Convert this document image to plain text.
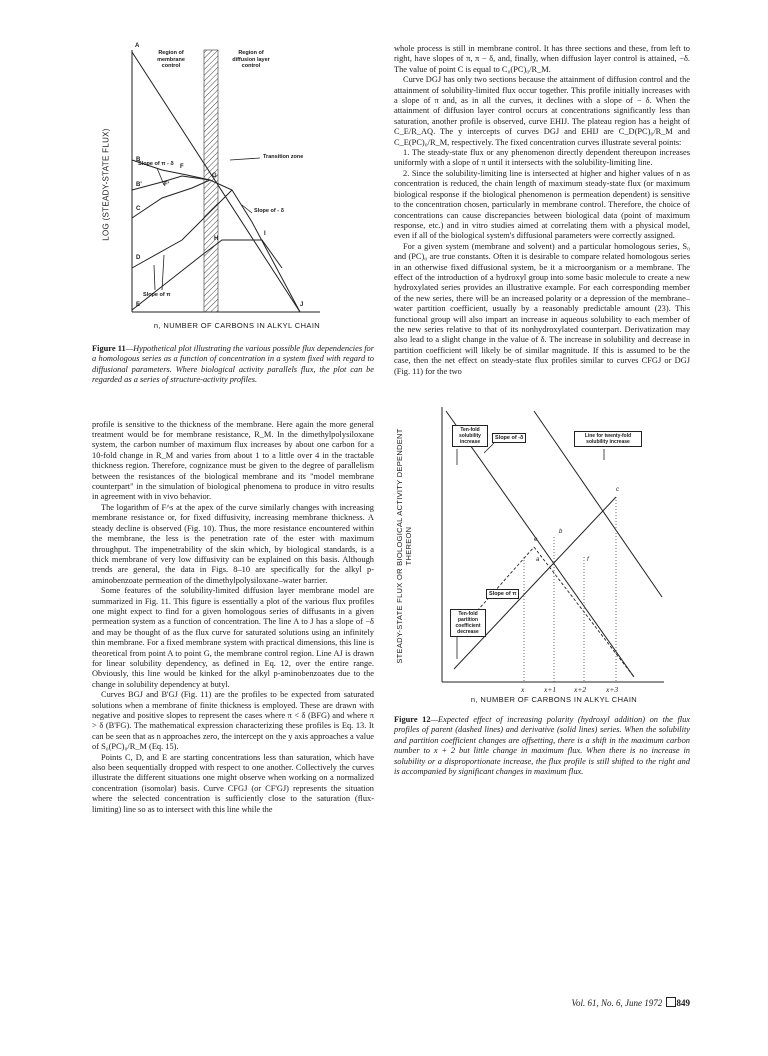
LOG (STEADY-STATE FLUX)
Region of membrane control
Region of diffusion layer control
Transition zone
Slope of π - δ
Slope of - δ
Slope of π
A
B
B'
C
D
E
F
F'
G
H
I
J
n, NUMBER OF CARBONS IN ALKYL CHAIN

Figure 11—Hypothetical plot illustrating the various possible flux dependencies for a homologous series as a function of concentration in a system fixed with regard to diffusional parameters. Where biological activity parallels flux, the plot can be regarded as a series of structure-activity profiles.

profile is sensitive to the thickness of the membrane. Here again the more general treatment would be for membrane resistance, R_M. In the dimethylpolysiloxane system, the carbon number of maximum flux increases by about one carbon for a 10-fold change in R_M and varies from about 1 to a little over 4 in the tractable thickness region. Therefore, cognizance must be given to the degree of parallelism between the resistances of the biological membrane and its "model membrane counterpart" in the simulation of biological phenomena to produce in vitro results in agreement with in vivo behavior.

The logarithm of F^s at the apex of the curve similarly changes with increasing membrane resistance or, for fixed diffusivity, increasing membrane thickness. A steady decline is observed (Fig. 10). Thus, the more resistance encountered within the membrane, the less is the penetration rate of the ester with maximum throughput. The impenetrability of the skin which, by biological standards, is a thick membrane of very low diffusivity can be explained on this basis. Although trends are general, the data in Figs. 8–10 are specifically for the alkyl p-aminobenzoate permeation of the dimethylpolysiloxane–water barrier.

Some features of the solubility-limited diffusion layer membrane model are summarized in Fig. 11. This figure is essentially a plot of the various flux profiles one might expect to find for a given homologous series of diffusants in a given permeation system as a function of concentration. The line A to J has a slope of −δ and may be thought of as the flux curve for saturated solutions using an infinitely thin membrane. For a fixed membrane system with practical dimensions, this line is theoretical from point A to point G, the membrane control region. Line AJ is drawn for linear solubility dependency, as defined in Eq. 12, over the entire range. Obviously, this line would be kinked for the alkyl p-aminobenzoates due to the change in solubility dependency at butyl.

Curves BGJ and B'GJ (Fig. 11) are the profiles to be expected from saturated solutions when a membrane of finite thickness is employed. These are drawn with negative and positive slopes to represent the cases where π < δ (BFG) and where π > δ (B'FG). The mathematical expression characterizing these profiles is Eq. 13. It can be seen that as n approaches zero, the intercept on the y axis approaches a value of S₀(PC)₀/R_M (Eq. 15).

Points C, D, and E are starting concentrations less than saturation, which have also been sequentially dropped with respect to one another. Collectively the curves illustrate the different situations one might observe when working on a normalized concentration (isomolar) basis. Curve CFGJ (or CF'GJ) represents the situation where the selected concentration is sufficiently close to the saturation (flux-limiting) line so as to intersect with this line while the

whole process is still in membrane control. It has three sections and these, from left to right, have slopes of π, π − δ, and, finally, when diffusion layer control is attained, −δ. The value of point C is equal to C₀(PC)₀/R_M.

Curve DGJ has only two sections because the attainment of diffusion control and the attainment of solubility-limited flux occur together. This profile initially increases with a slope of π and, as in all the curves, it declines with a slope of − δ. When the attainment of diffusion layer control occurs at concentrations significantly less than saturation, another profile is observed, curve EHIJ. The plateau region has a height of C_E/R_AQ. The y intercepts of curves DGJ and EHIJ are C_D(PC)₀/R_M and C_E(PC)₀/R_M, respectively. The fixed concentration curves illustrate several points:

1. The steady-state flux or any phenomenon directly dependent thereupon increases uniformly with a slope of π until it intersects with the solubility-limiting line.

2. Since the solubility-limiting line is intersected at higher and higher values of n as concentration is reduced, the chain length of maximum steady-state flux (or maximum biological response if the biological phenomenon is permeation dependent) is sensitive to the concentration chosen, particularly in membrane control. Therefore, the choice of concentrations can cause discrepancies between biological data (point of maximum response, etc.) and in vitro studies aimed at correlating them with a physical model, even if all of the biological system's diffusional parameters were correctly assigned.

For a given system (membrane and solvent) and a particular homologous series, S₀ and (PC)₀ are true constants. Often it is desirable to compare related homologous series in an otherwise fixed diffusional system, be it a microorganism or a membrane. The effect of the introduction of a hydroxyl group into some basic molecule to create a new hydroxylated series provides an illustrative example. For each corresponding member of the new series, there will be an increased polarity or a depression of the membrane–water partition coefficient, usually by a reasonably predictable amount (23). This functional group will also impart an increase in aqueous solubility to each member of the new series relative to that of its nonhydroxylated counterpart. Derivatization may also lead to a slight change in the value of δ. The increase in solubility and decrease in partition coefficient will likely be of similar magnitude. If this is assumed to be the case, then the net effect on steady-state flux profiles similar to curves CFGJ or DGJ (Fig. 11) for the two

STEADY-STATE FLUX OR BIOLOGICAL ACTIVITY DEPENDENT THEREON
Ten-fold solubility increase
Slope of -δ	Line for twenty-fold solubility increase
Slope of π
Ten-fold partition coefficient decrease
a
b
c
e
f
x	x+1 x+2	x+3
n, NUMBER OF CARBONS IN ALKYL CHAIN

Figure 12—Expected effect of increasing polarity (hydroxyl addition) on the flux profiles of parent (dashed lines) and derivative (solid lines) series. When the solubility and partition coefficient changes are offsetting, there is a shift in the maximum carbon number to x + 2 but little change in maximum flux. When there is no increase in solubility or a disproportionate increase, the flux profile is still shifted to the right and is accompanied by significant changes in maximum flux.

Vol. 61, No. 6, June 1972 849
